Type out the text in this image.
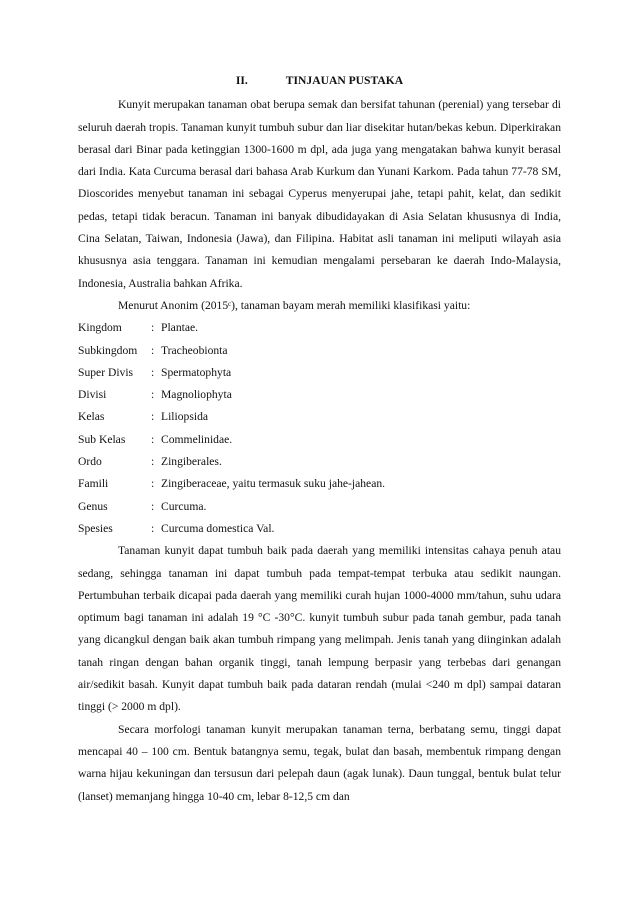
II.	TINJAUAN PUSTAKA

Kunyit merupakan tanaman obat berupa semak dan bersifat tahunan (perenial) yang tersebar di seluruh daerah tropis. Tanaman kunyit tumbuh subur dan liar disekitar hutan/bekas kebun. Diperkirakan berasal dari Binar pada ketinggian 1300-1600 m dpl, ada juga yang mengatakan bahwa kunyit berasal dari India. Kata Curcuma berasal dari bahasa Arab Kurkum dan Yunani Karkom. Pada tahun 77-78 SM, Dioscorides menyebut tanaman ini sebagai Cyperus menyerupai jahe, tetapi pahit, kelat, dan sedikit pedas, tetapi tidak beracun. Tanaman ini banyak dibudidayakan di Asia Selatan khususnya di India, Cina Selatan, Taiwan, Indonesia (Jawa), dan Filipina. Habitat asli tanaman ini meliputi wilayah asia khususnya asia tenggara. Tanaman ini kemudian mengalami persebaran ke daerah Indo-Malaysia, Indonesia, Australia bahkan Afrika.

Menurut Anonim (2015ᶜ), tanaman bayam merah memiliki klasifikasi yaitu:

Kingdom	: Plantae.
Subkingdom	: Tracheobionta
Super Divis	: Spermatophyta
Divisi	: Magnoliophyta
Kelas	: Liliopsida
Sub Kelas	: Commelinidae.
Ordo	: Zingiberales.
Famili	: Zingiberaceae, yaitu termasuk suku jahe-jahean.
Genus	: Curcuma.
Spesies	: Curcuma domestica Val.

Tanaman kunyit dapat tumbuh baik pada daerah yang memiliki intensitas cahaya penuh atau sedang, sehingga tanaman ini dapat tumbuh pada tempat-tempat terbuka atau sedikit naungan. Pertumbuhan terbaik dicapai pada daerah yang memiliki curah hujan 1000-4000 mm/tahun, suhu udara optimum bagi tanaman ini adalah 19 °C -30°C. kunyit tumbuh subur pada tanah gembur, pada tanah yang dicangkul dengan baik akan tumbuh rimpang yang melimpah. Jenis tanah yang diinginkan adalah tanah ringan dengan bahan organik tinggi, tanah lempung berpasir yang terbebas dari genangan air/sedikit basah. Kunyit dapat tumbuh baik pada dataran rendah (mulai <240 m dpl) sampai dataran tinggi (> 2000 m dpl).

Secara morfologi tanaman kunyit merupakan tanaman terna, berbatang semu, tinggi dapat mencapai 40 – 100 cm. Bentuk batangnya semu, tegak, bulat dan basah, membentuk rimpang dengan warna hijau kekuningan dan tersusun dari pelepah daun (agak lunak). Daun tunggal, bentuk bulat telur (lanset) memanjang hingga 10-40 cm, lebar 8-12,5 cm dan
